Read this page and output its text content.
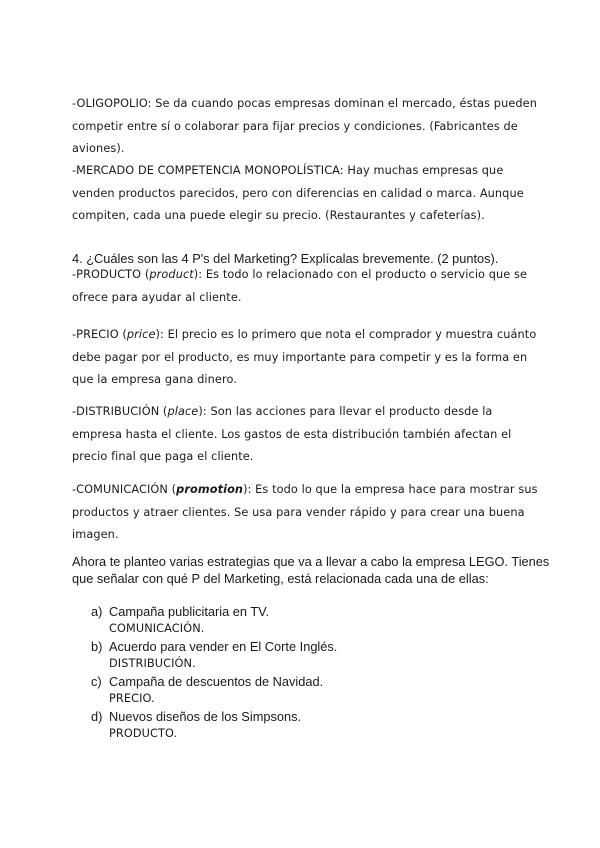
-OLIGOPOLIO: Se da cuando pocas empresas dominan el mercado, éstas pueden
competir entre sí o colaborar para fijar precios y condiciones. (Fabricantes de
aviones).

-MERCADO DE COMPETENCIA MONOPOLÍSTICA: Hay muchas empresas que
venden productos parecidos, pero con diferencias en calidad o marca. Aunque
compiten, cada una puede elegir su precio. (Restaurantes y cafeterías).

4. ¿Cuáles son las 4 P's del Marketing? Explícalas brevemente. (2 puntos).

-PRODUCTO (product): Es todo lo relacionado con el producto o servicio que se
ofrece para ayudar al cliente.

-PRECIO (price): El precio es lo primero que nota el comprador y muestra cuánto
debe pagar por el producto, es muy importante para competir y es la forma en
que la empresa gana dinero.

-DISTRIBUCIÓN (place): Son las acciones para llevar el producto desde la
empresa hasta el cliente. Los gastos de esta distribución también afectan el
precio final que paga el cliente.

-COMUNICACIÓN (promotion): Es todo lo que la empresa hace para mostrar sus
productos y atraer clientes. Se usa para vender rápido y para crear una buena
imagen.

Ahora te planteo varias estrategias que va a llevar a cabo la empresa LEGO. Tienes
que señalar con qué P del Marketing, está relacionada cada una de ellas:

a) Campaña publicitaria en TV.
COMUNICACIÓN.
b) Acuerdo para vender en El Corte Inglés.
DISTRIBUCIÓN.
c) Campaña de descuentos de Navidad.
PRECIO.
d) Nuevos diseños de los Simpsons.
PRODUCTO.
